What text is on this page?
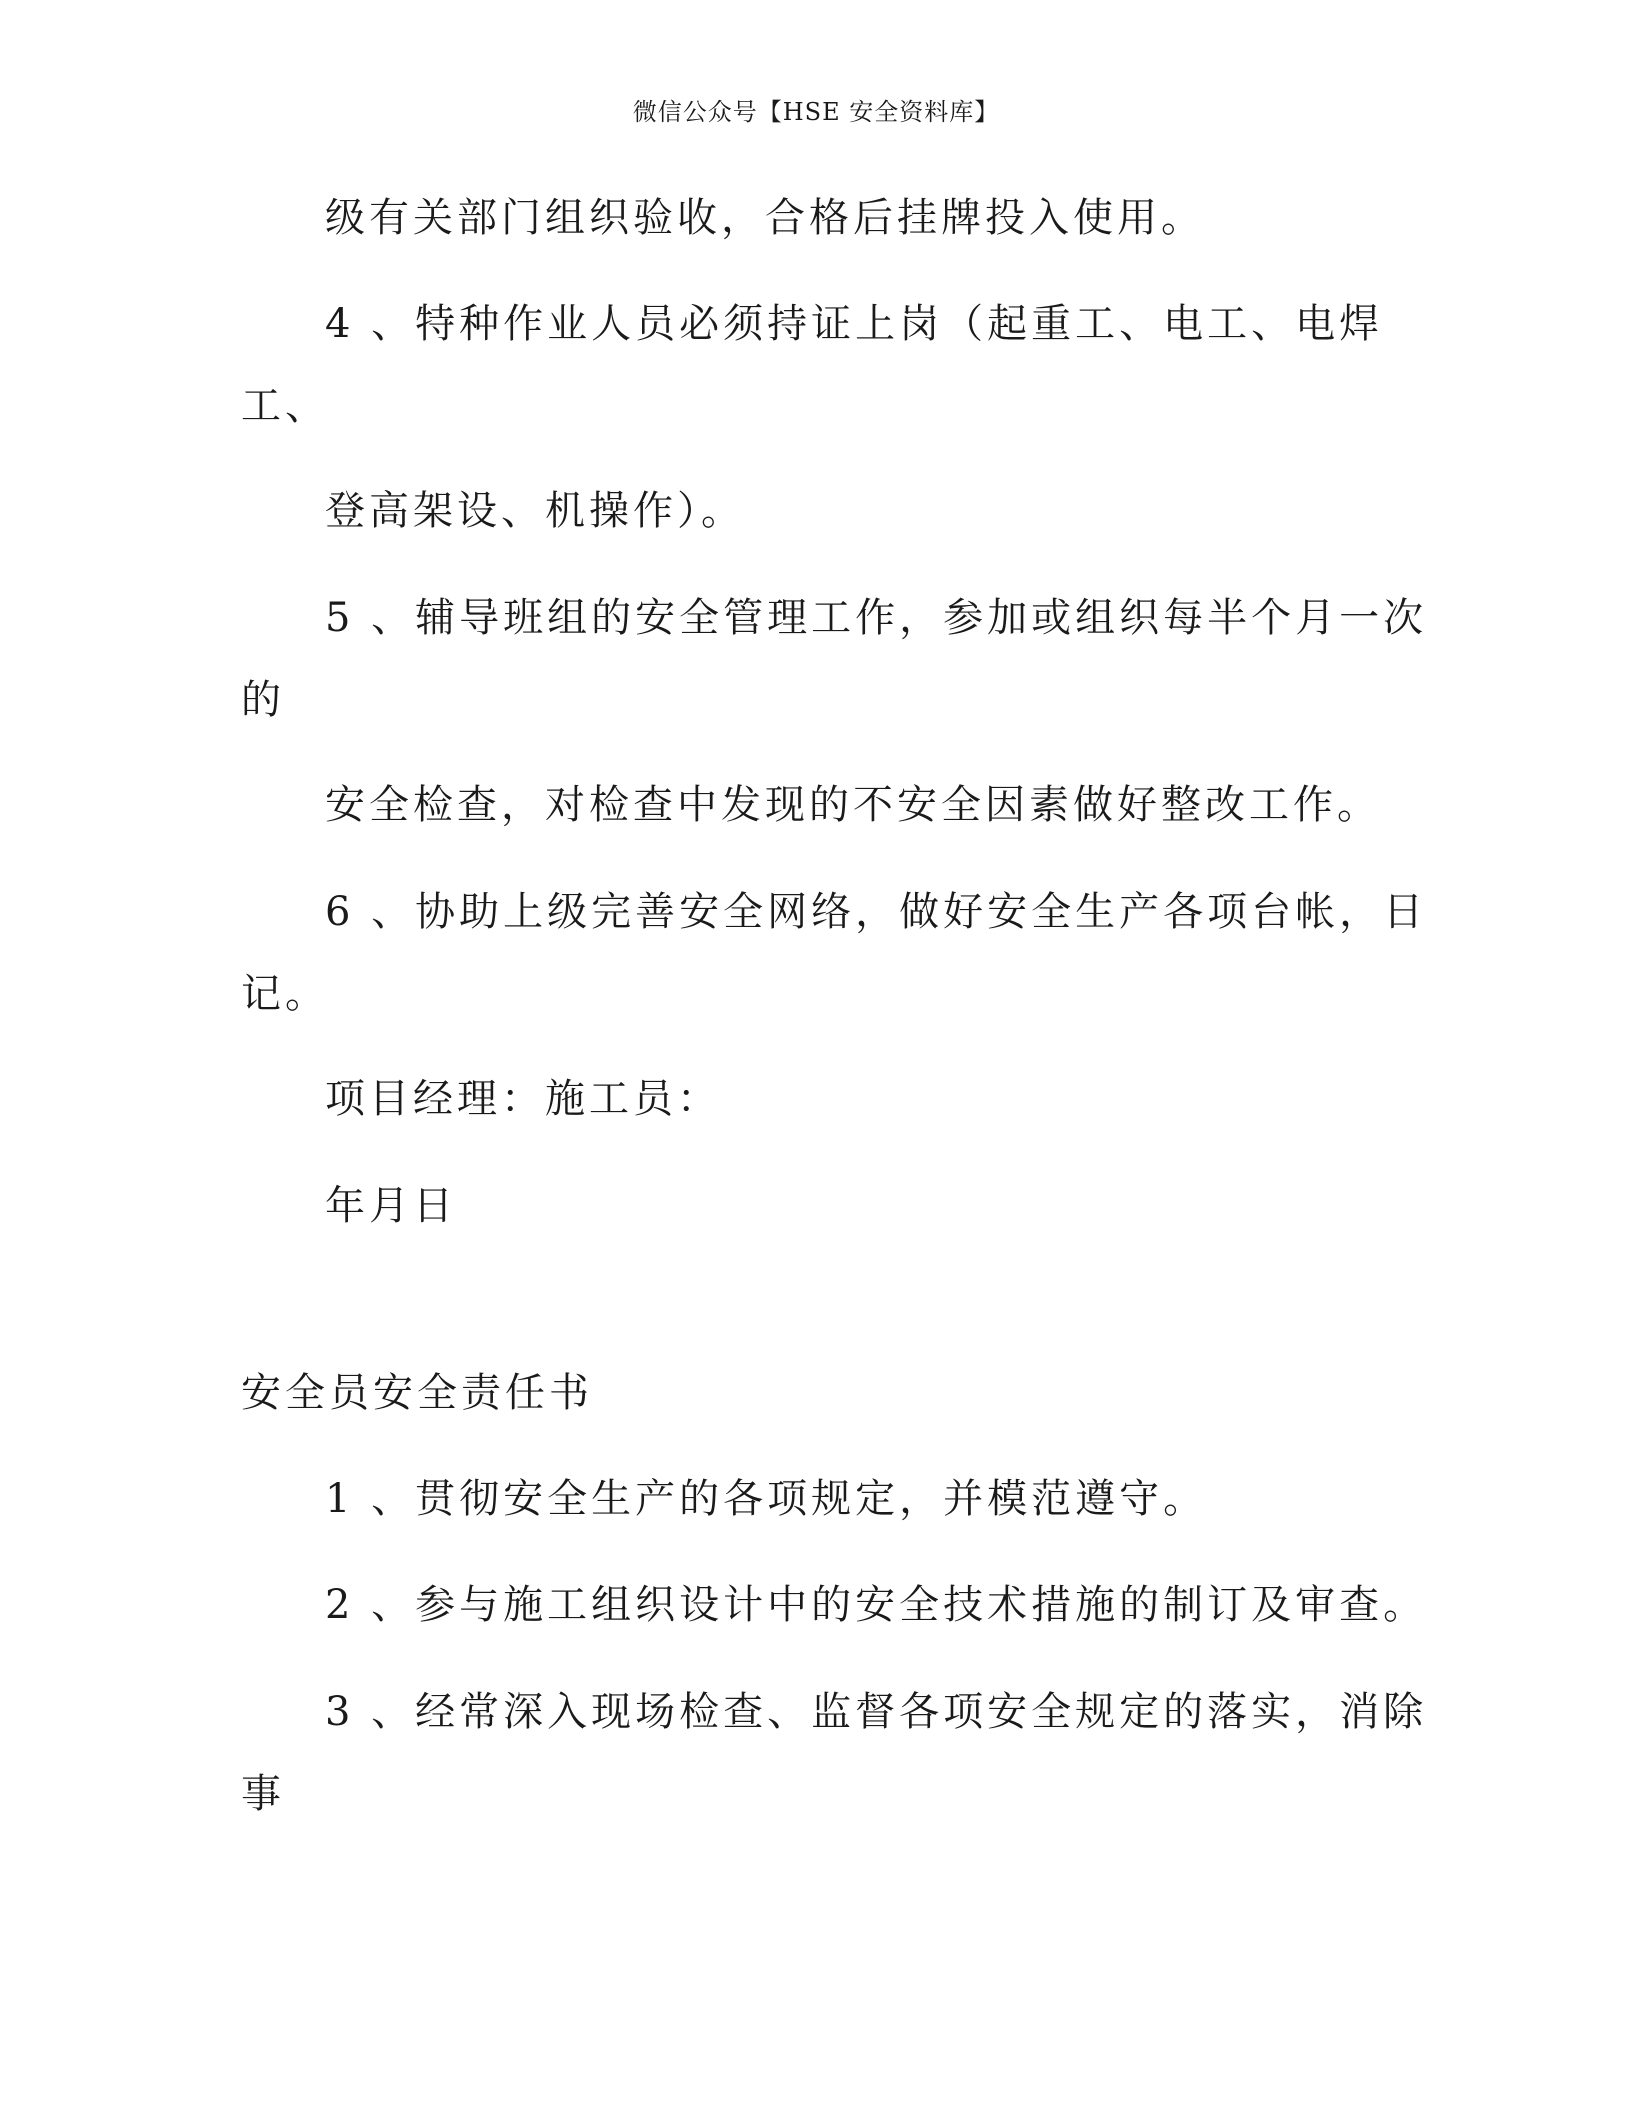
微信公众号【HSE 安全资料库】
级有关部门组织验收，合格后挂牌投入使用。
4 、特种作业人员必须持证上岗（起重工、电工、电焊
工、
登高架设、机操作）。
5 、辅导班组的安全管理工作，参加或组织每半个月一次
的
安全检查，对检查中发现的不安全因素做好整改工作。
6 、协助上级完善安全网络，做好安全生产各项台帐，日
记。
项目经理：施工员：
年月日
安全员安全责任书
1 、贯彻安全生产的各项规定，并模范遵守。
2 、参与施工组织设计中的安全技术措施的制订及审查。
3 、经常深入现场检查、监督各项安全规定的落实，消除
事
